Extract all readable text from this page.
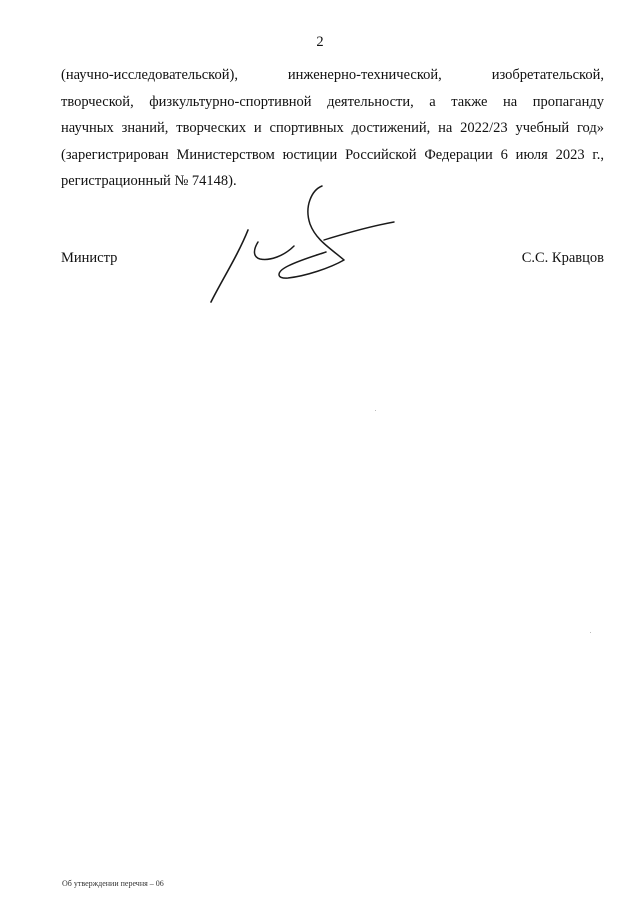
2
(научно-исследовательской),	инженерно-технической,	изобретательской,
творческой, физкультурно-спортивной деятельности, а также на пропаганду
научных знаний, творческих и спортивных достижений, на 2022/23 учебный год»
(зарегистрирован Министерством юстиции Российской Федерации 6 июля 2023 г.,
регистрационный № 74148).
Министр	С.С. Кравцов
Об утверждении перечня – 06
